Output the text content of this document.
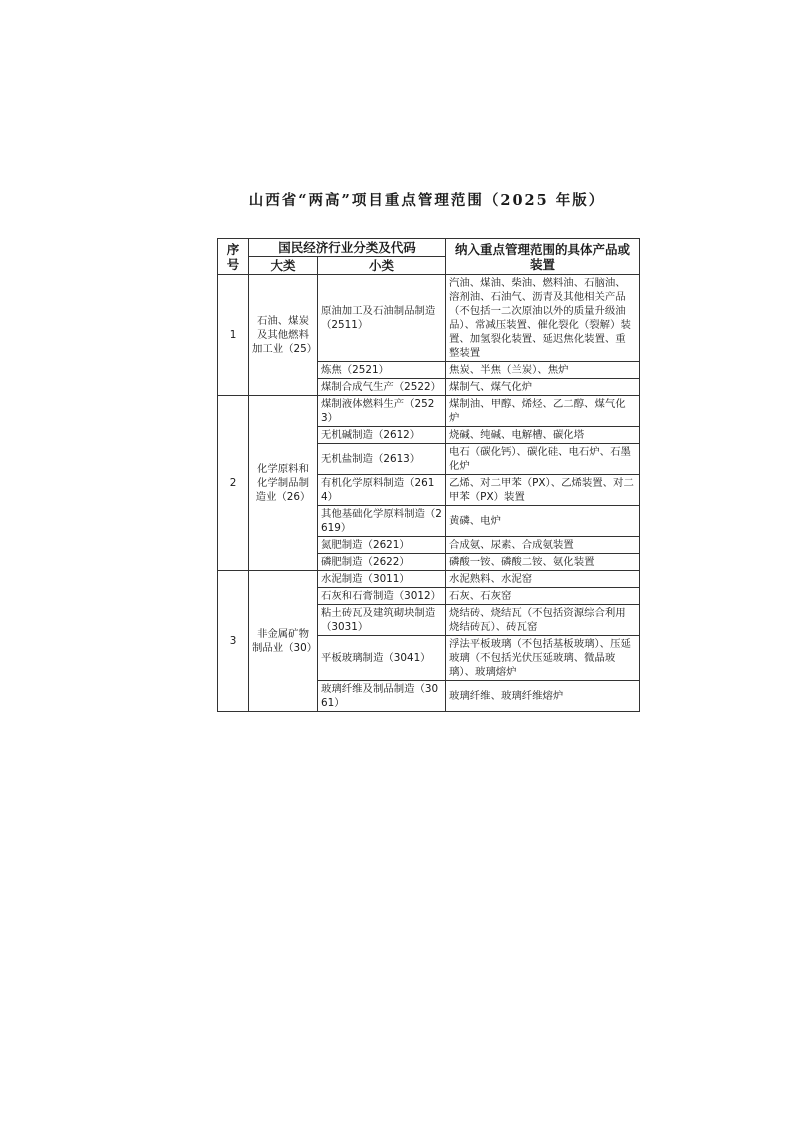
山西省“两高”项目重点管理范围（2025 年版）
序号	国民经济行业分类及代码		纳入重点管理范围的具体产品或装置
	大类	小类	
1	石油、煤炭及其他燃料加工业（25）	原油加工及石油制品制造（2511）	汽油、煤油、柴油、燃料油、石脑油、溶剂油、石油气、沥青及其他相关产品（不包括一二次原油以外的质量升级油品）、常减压装置、催化裂化（裂解）装置、加氢裂化装置、延迟焦化装置、重整装置
		炼焦（2521）	焦炭、半焦（兰炭）、焦炉
		煤制合成气生产（2522）	煤制气、煤气化炉
2	化学原料和化学制品制造业（26）	煤制液体燃料生产（2523）	煤制油、甲醇、烯烃、乙二醇、煤气化炉
		无机碱制造（2612）	烧碱、纯碱、电解槽、碳化塔
		无机盐制造（2613）	电石（碳化钙）、碳化硅、电石炉、石墨化炉
		有机化学原料制造（2614）	乙烯、对二甲苯（PX）、乙烯装置、对二甲苯（PX）装置
		其他基础化学原料制造（2619）	黄磷、电炉
		氮肥制造（2621）	合成氨、尿素、合成氨装置
		磷肥制造（2622）	磷酸一铵、磷酸二铵、氨化装置
3	非金属矿物制品业（30）	水泥制造（3011）	水泥熟料、水泥窑
		石灰和石膏制造（3012）	石灰、石灰窑
		粘土砖瓦及建筑砌块制造（3031）	烧结砖、烧结瓦（不包括资源综合利用烧结砖瓦）、砖瓦窑
		平板玻璃制造（3041）	浮法平板玻璃（不包括基板玻璃）、压延玻璃（不包括光伏压延玻璃、微晶玻璃）、玻璃熔炉
		玻璃纤维及制品制造（3061）	玻璃纤维、玻璃纤维熔炉
